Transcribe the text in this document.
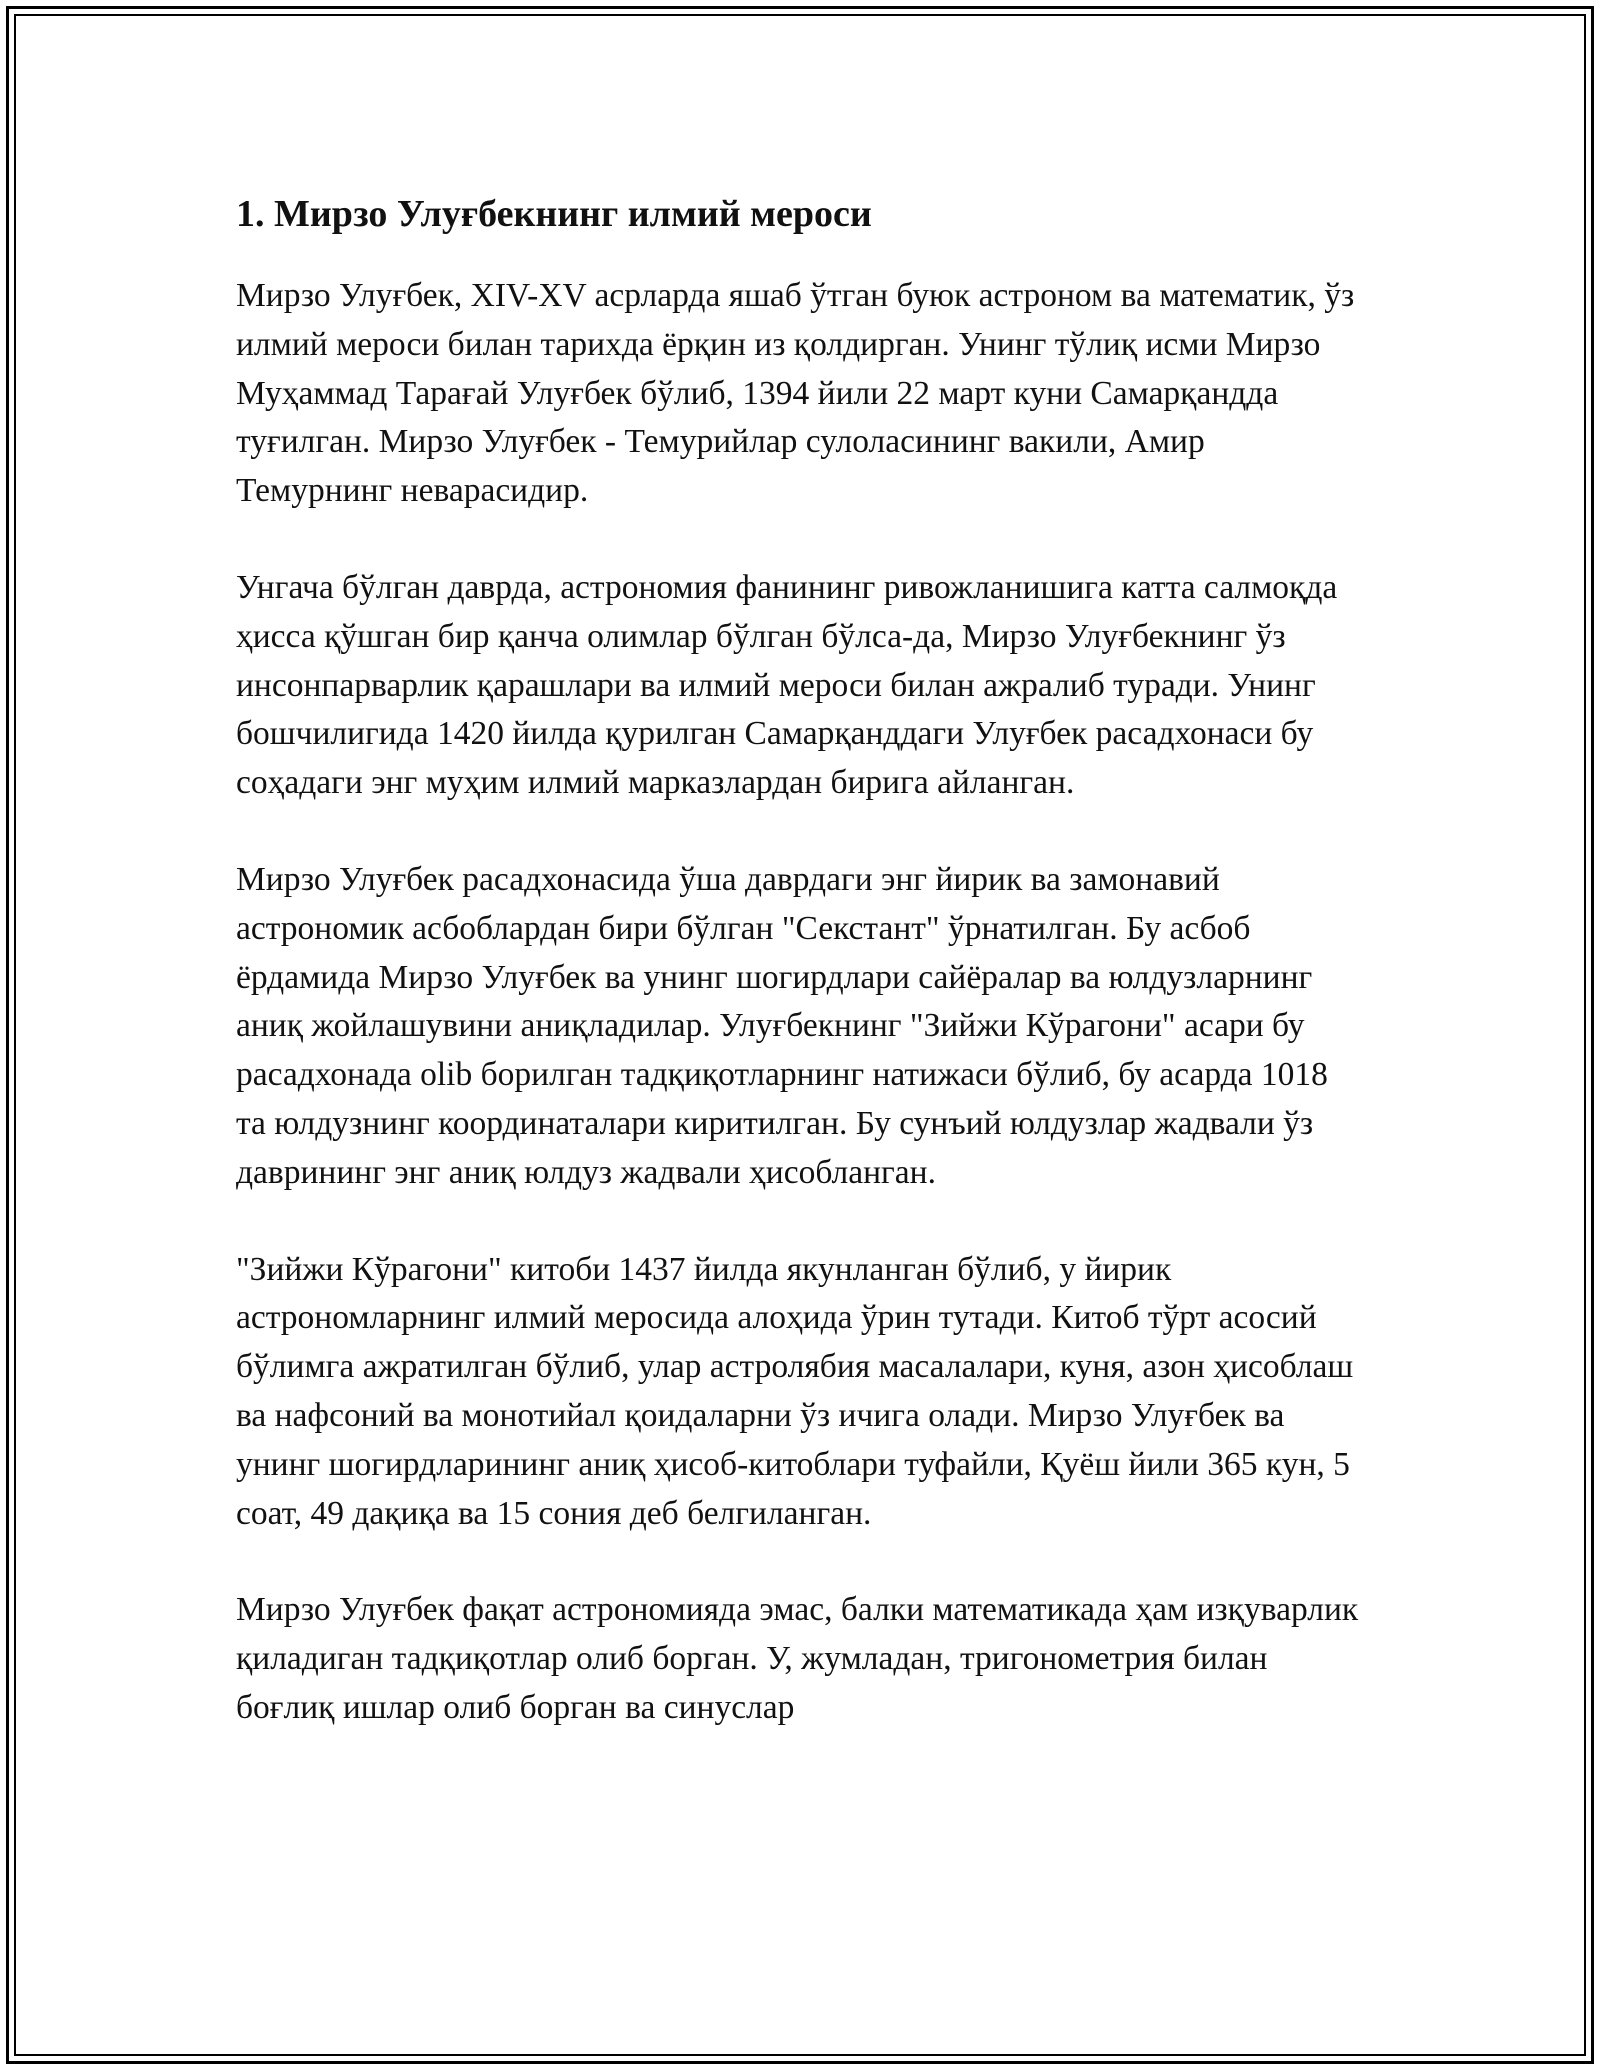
1. Мирзо Улуғбекнинг илмий мероси

Мирзо Улуғбек, XIV-XV асрларда яшаб ўтган буюк астроном ва математик, ўз илмий мероси билан тарихда ёрқин из қолдирган. Унинг тўлиқ исми Мирзо Муҳаммад Тарағай Улуғбек бўлиб, 1394 йили 22 март куни Самарқандда туғилган. Мирзо Улуғбек - Темурийлар сулоласининг вакили, Амир Темурнинг неварасидир.

Унгача бўлган даврда, астрономия фанининг ривожланишига катта салмоқда ҳисса қўшган бир қанча олимлар бўлган бўлса-да, Мирзо Улуғбекнинг ўз инсонпарварлик қарашлари ва илмий мероси билан ажралиб туради. Унинг бошчилигида 1420 йилда қурилган Самарқанддаги Улуғбек расадхонаси бу соҳадаги энг муҳим илмий марказлардан бирига айланган.

Мирзо Улуғбек расадхонасида ўша даврдаги энг йирик ва замонавий астрономик асбоблардан бири бўлган "Секстант" ўрнатилган. Бу асбоб ёрдамида Мирзо Улуғбек ва унинг шогирдлари сайёралар ва юлдузларнинг аниқ жойлашувини аниқладилар. Улуғбекнинг "Зийжи Кўрагони" асари бу расадхонада olib борилган тадқиқотларнинг натижаси бўлиб, бу асарда 1018 та юлдузнинг координаталари киритилган. Бу сунъий юлдузлар жадвали ўз даврининг энг аниқ юлдуз жадвали ҳисобланган.

"Зийжи Кўрагони" китоби 1437 йилда якунланган бўлиб, у йирик астрономларнинг илмий меросида алоҳида ўрин тутади. Китоб тўрт асосий бўлимга ажратилган бўлиб, улар астролябия масалалари, куня, азон ҳисоблаш ва нафсоний ва монотийал қоидаларни ўз ичига олади. Мирзо Улуғбек ва унинг шогирдларининг аниқ ҳисоб-китоблари туфайли, Қуёш йили 365 кун, 5 соат, 49 дақиқа ва 15 сония деб белгиланган.

Мирзо Улуғбек фақат астрономияда эмас, балки математикада ҳам изқуварлик қиладиган тадқиқотлар олиб борган. У, жумладан, тригонометрия билан боғлиқ ишлар олиб борган ва синуслар
